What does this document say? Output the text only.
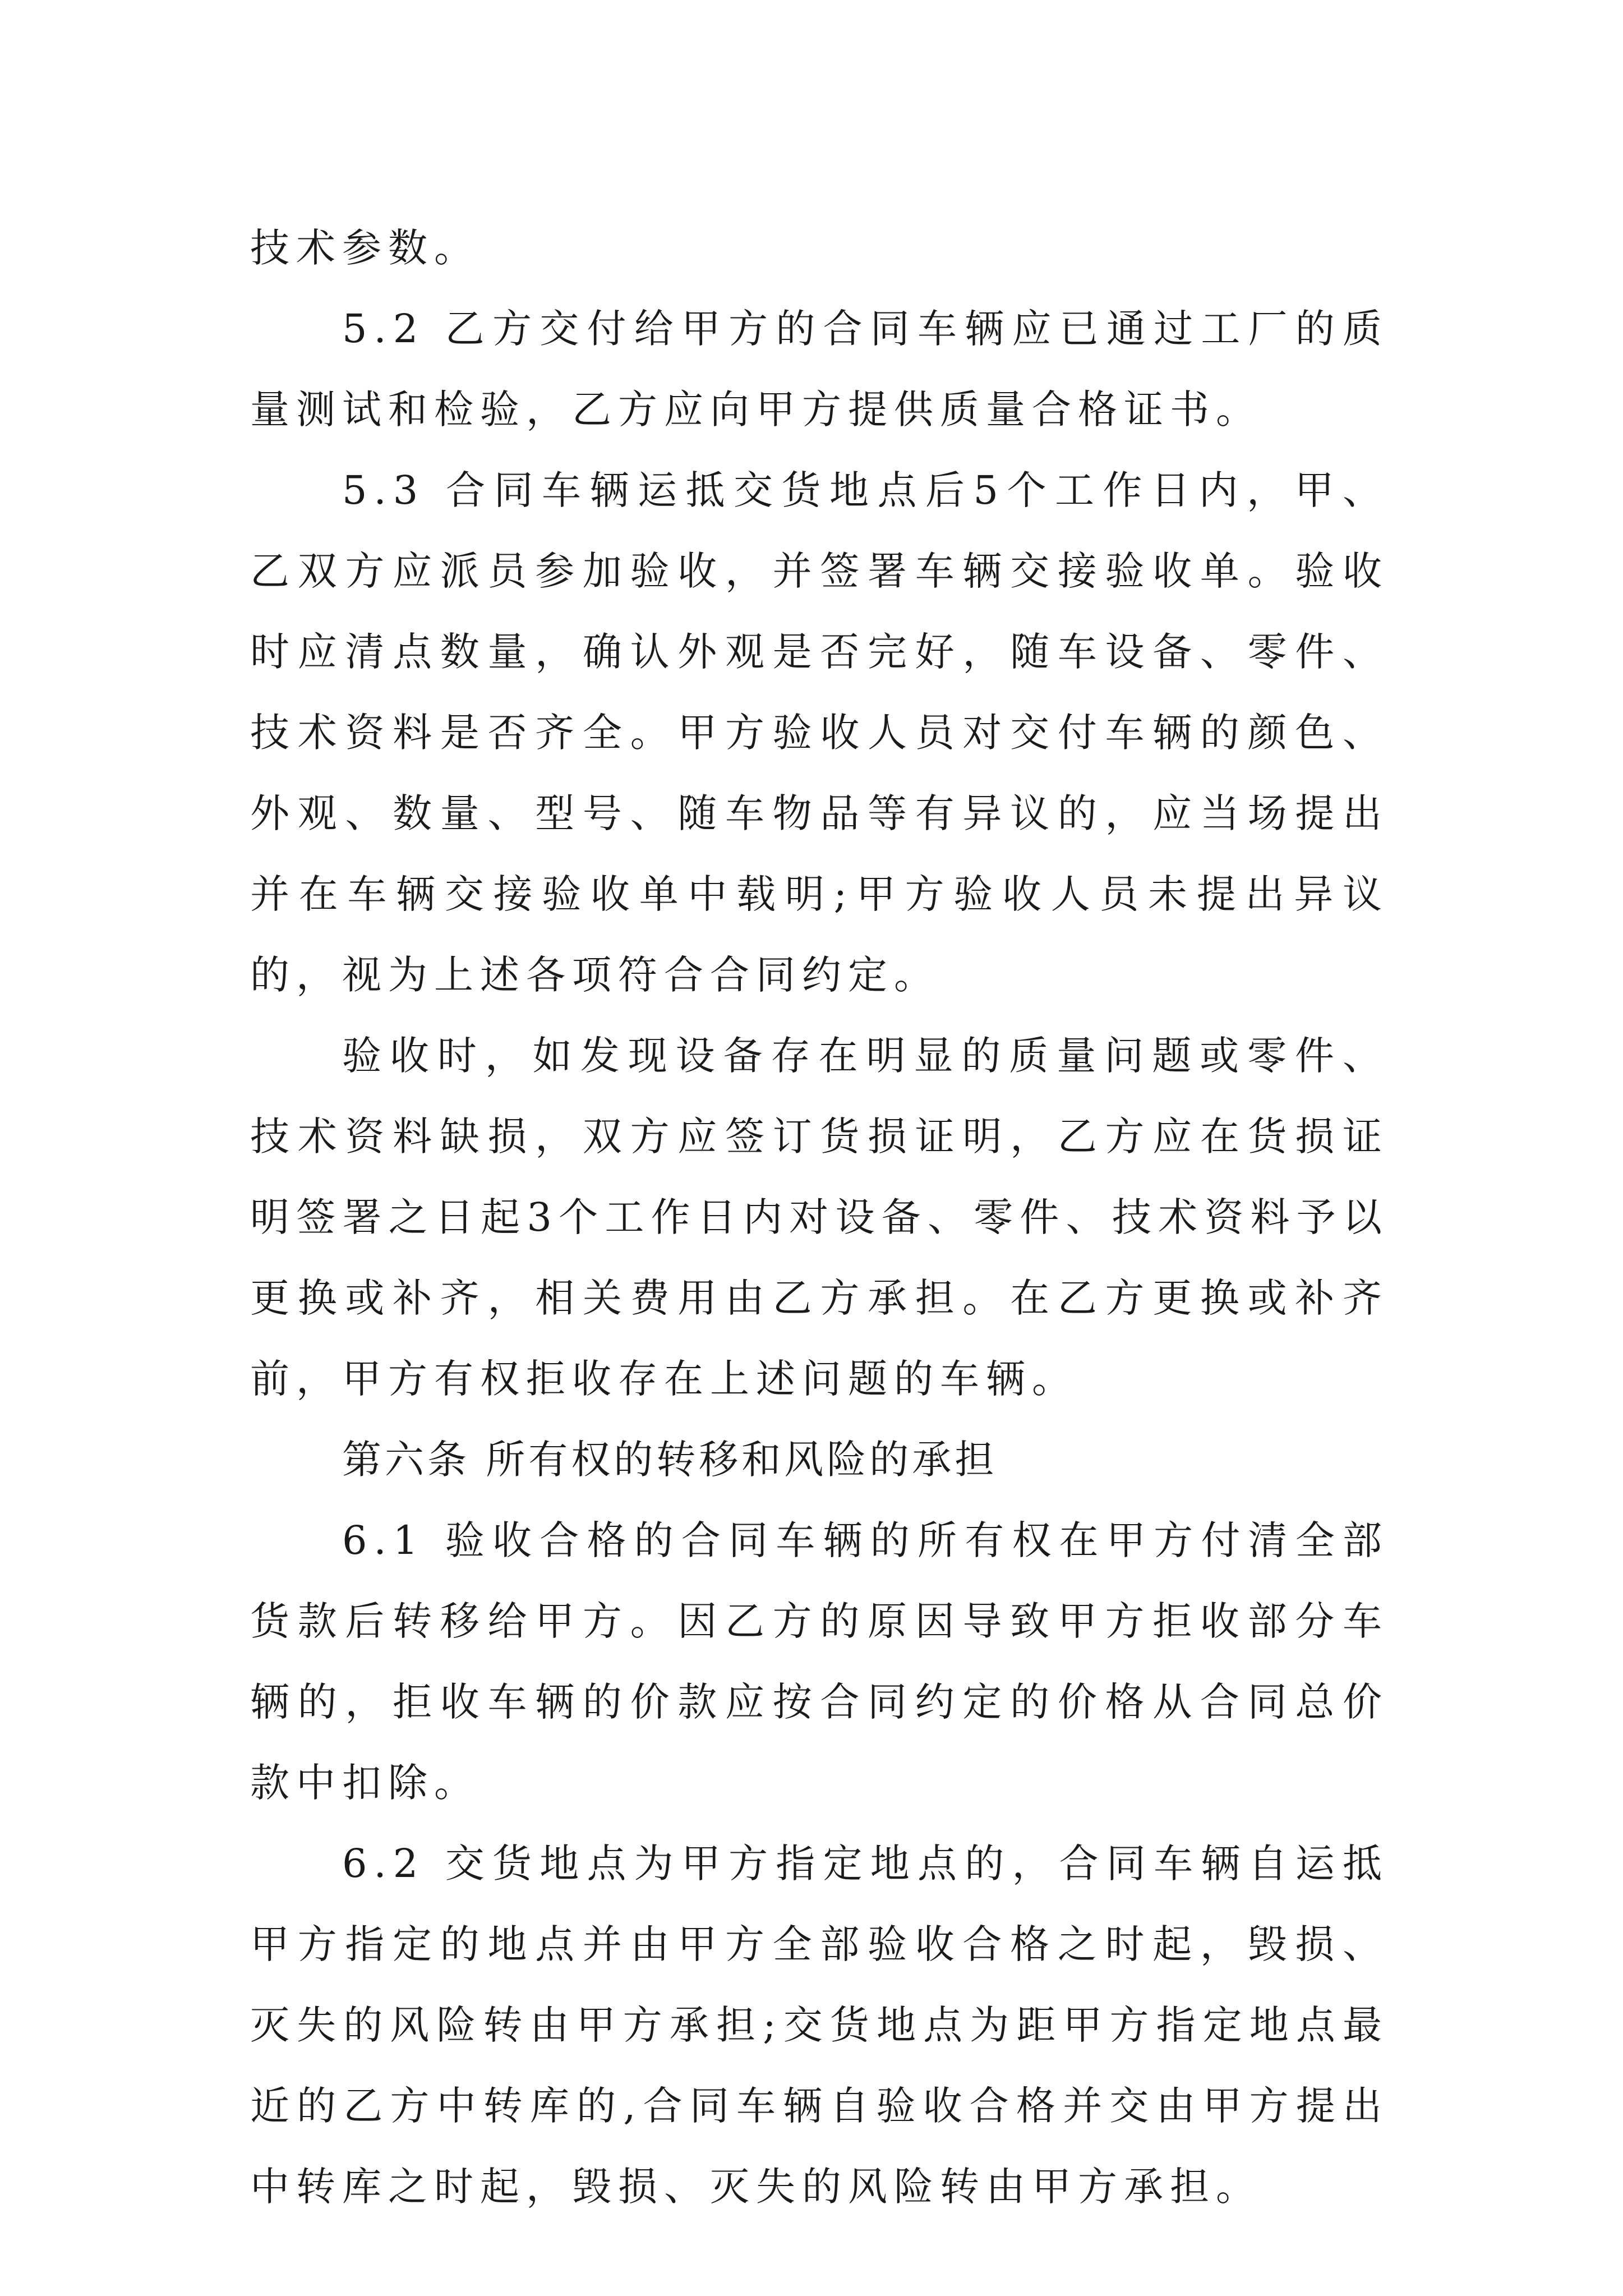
技术参数。

5.2 乙方交付给甲方的合同车辆应已通过工厂的质量测试和检验，乙方应向甲方提供质量合格证书。

5.3 合同车辆运抵交货地点后5个工作日内，甲、乙双方应派员参加验收，并签署车辆交接验收单。验收时应清点数量，确认外观是否完好，随车设备、零件、技术资料是否齐全。甲方验收人员对交付车辆的颜色、外观、数量、型号、随车物品等有异议的，应当场提出并在车辆交接验收单中载明;甲方验收人员未提出异议的，视为上述各项符合合同约定。

验收时，如发现设备存在明显的质量问题或零件、技术资料缺损，双方应签订货损证明，乙方应在货损证明签署之日起3个工作日内对设备、零件、技术资料予以更换或补齐，相关费用由乙方承担。在乙方更换或补齐前，甲方有权拒收存在上述问题的车辆。

第六条 所有权的转移和风险的承担

6.1 验收合格的合同车辆的所有权在甲方付清全部货款后转移给甲方。因乙方的原因导致甲方拒收部分车辆的，拒收车辆的价款应按合同约定的价格从合同总价款中扣除。

6.2 交货地点为甲方指定地点的，合同车辆自运抵甲方指定的地点并由甲方全部验收合格之时起，毁损、灭失的风险转由甲方承担;交货地点为距甲方指定地点最近的乙方中转库的,合同车辆自验收合格并交由甲方提出中转库之时起，毁损、灭失的风险转由甲方承担。
